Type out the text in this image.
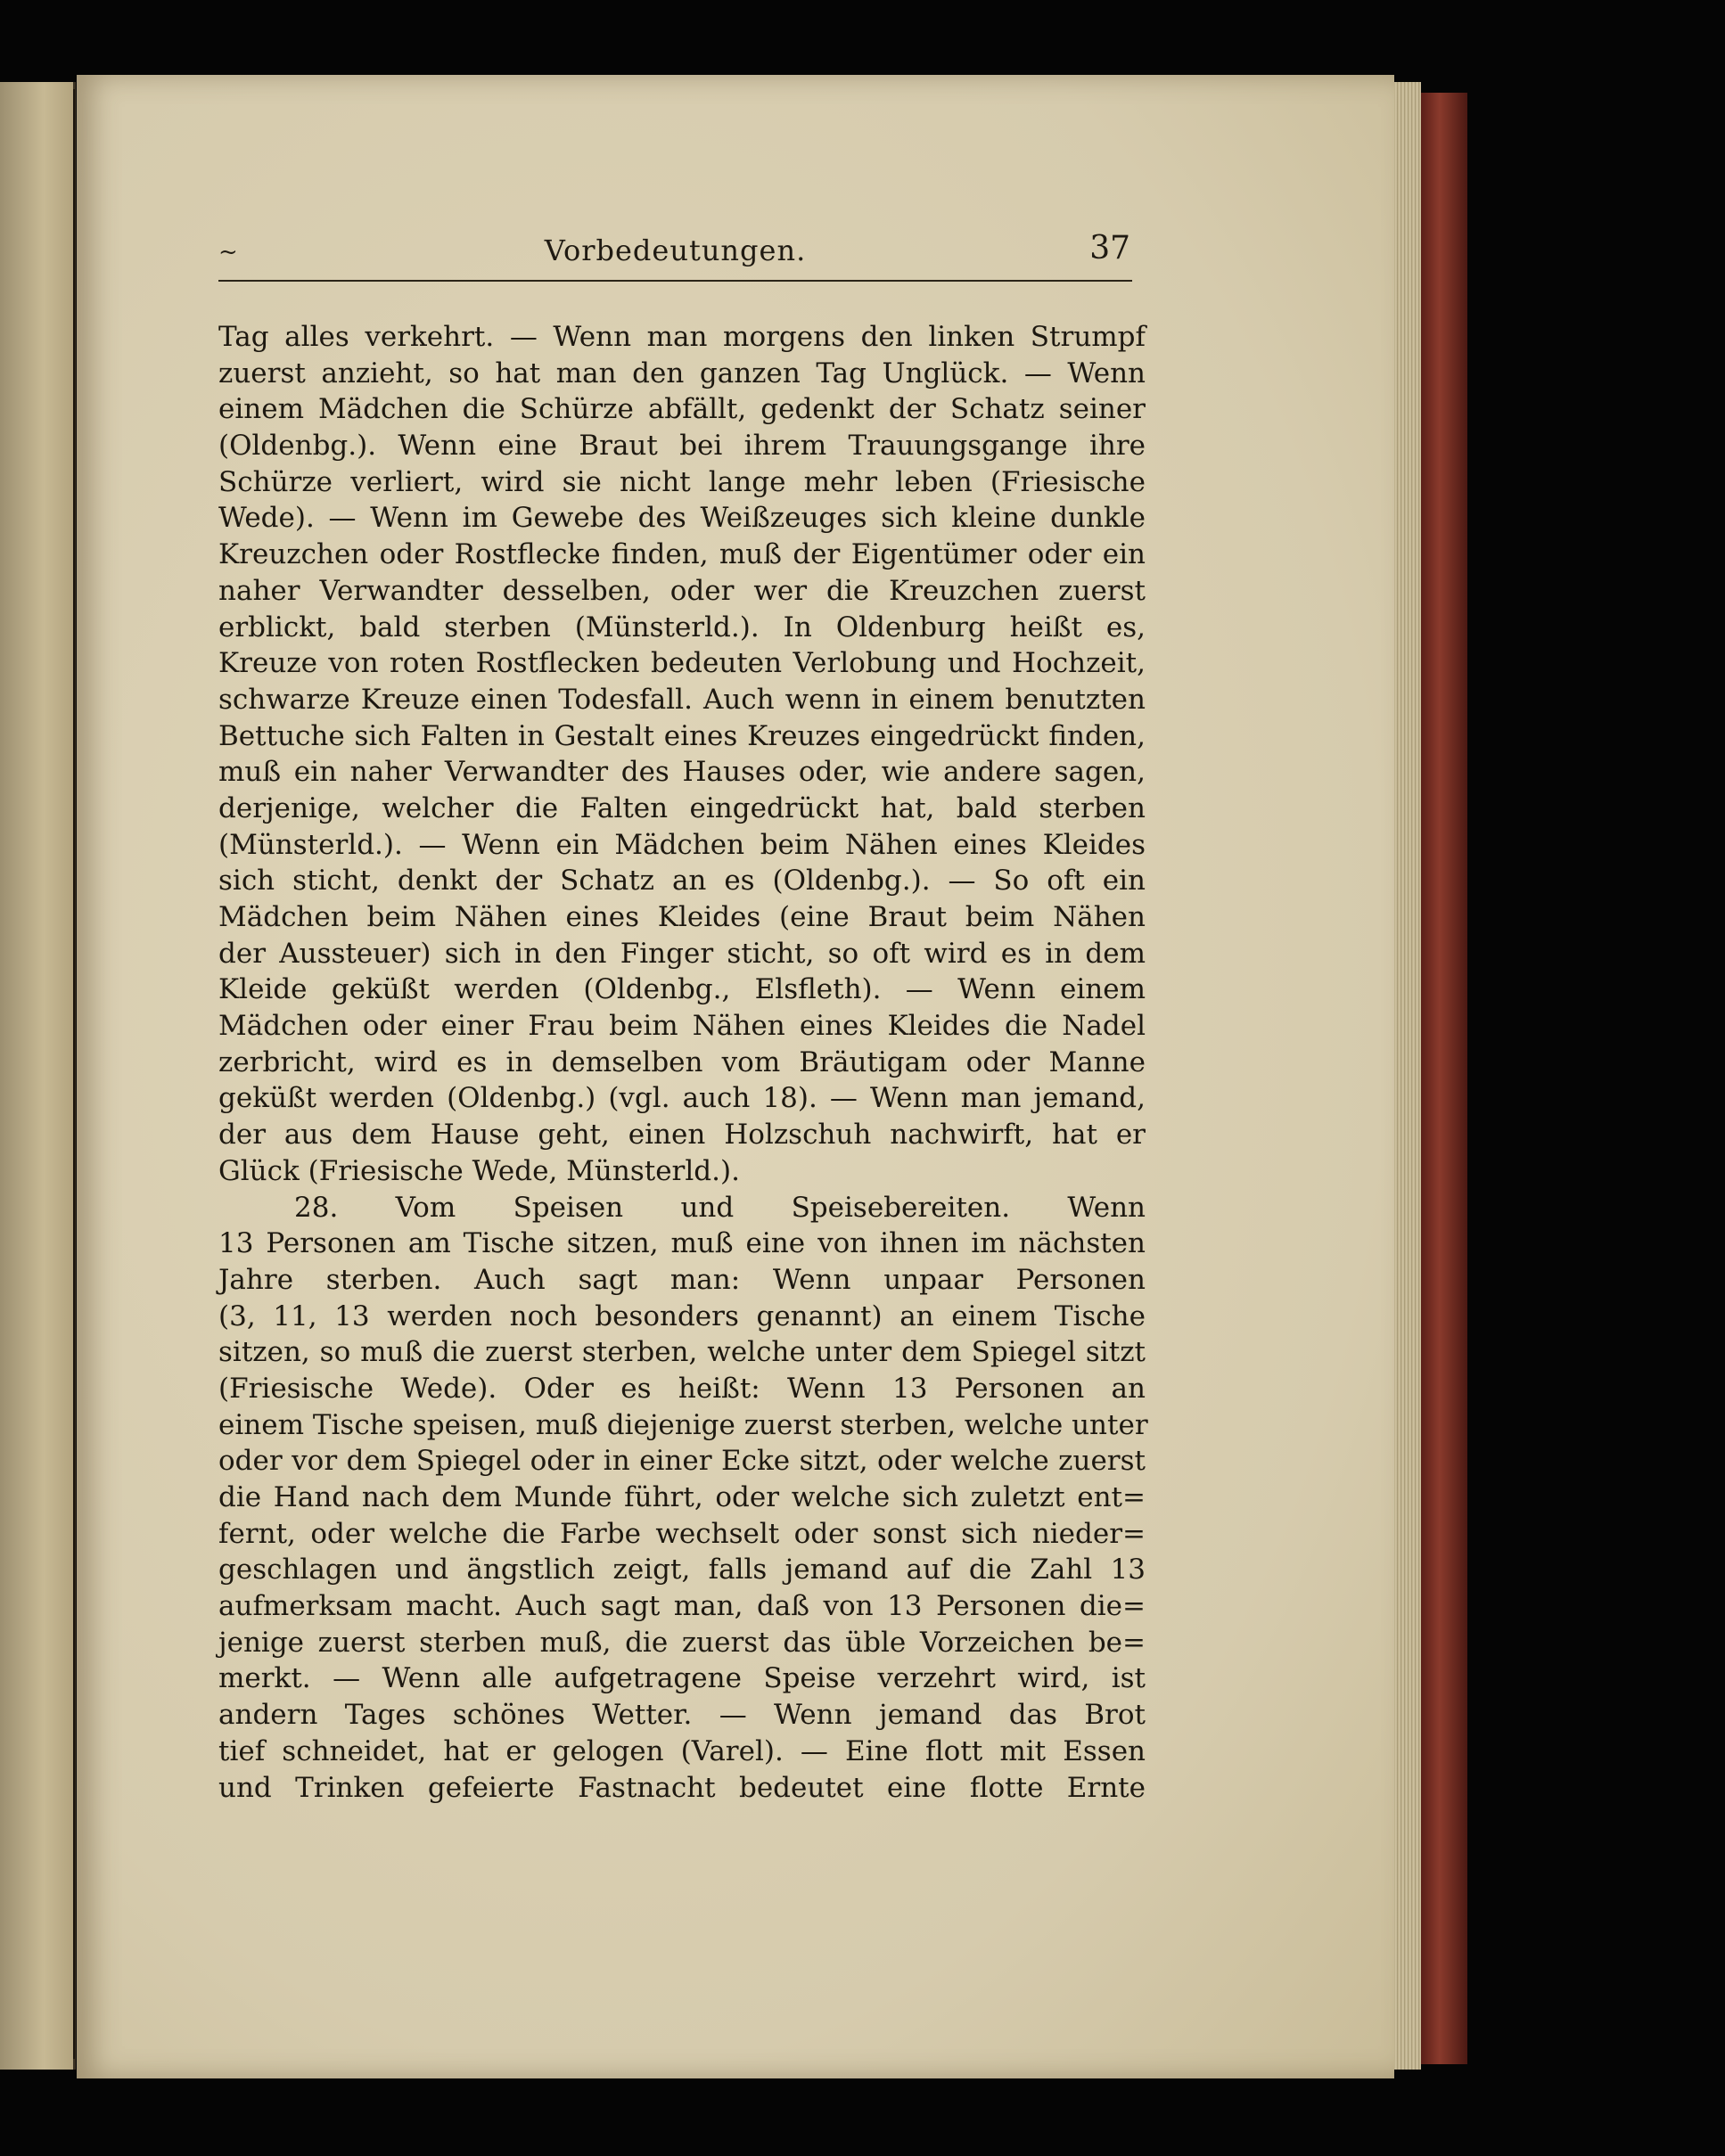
~	Vorbedeutungen.	37
Tag alles verkehrt. — Wenn man morgens den linken Strumpf
zuerst anzieht, so hat man den ganzen Tag Unglück. — Wenn
einem Mädchen die Schürze abfällt, gedenkt der Schatz seiner
(Oldenbg.). Wenn eine Braut bei ihrem Trauungsgange ihre
Schürze verliert, wird sie nicht lange mehr leben (Friesische
Wede). — Wenn im Gewebe des Weißzeuges sich kleine dunkle
Kreuzchen oder Rostflecke finden, muß der Eigentümer oder ein
naher Verwandter desselben, oder wer die Kreuzchen zuerst
erblickt, bald sterben (Münsterld.). In Oldenburg heißt es,
Kreuze von roten Rostflecken bedeuten Verlobung und Hochzeit,
schwarze Kreuze einen Todesfall. Auch wenn in einem benutzten
Bettuche sich Falten in Gestalt eines Kreuzes eingedrückt finden,
muß ein naher Verwandter des Hauses oder, wie andere sagen,
derjenige, welcher die Falten eingedrückt hat, bald sterben
(Münsterld.). — Wenn ein Mädchen beim Nähen eines Kleides
sich sticht, denkt der Schatz an es (Oldenbg.). — So oft ein
Mädchen beim Nähen eines Kleides (eine Braut beim Nähen
der Aussteuer) sich in den Finger sticht, so oft wird es in dem
Kleide geküßt werden (Oldenbg., Elsfleth). — Wenn einem
Mädchen oder einer Frau beim Nähen eines Kleides die Nadel
zerbricht, wird es in demselben vom Bräutigam oder Manne
geküßt werden (Oldenbg.) (vgl. auch 18). — Wenn man jemand,
der aus dem Hause geht, einen Holzschuh nachwirft, hat er
Glück (Friesische Wede, Münsterld.).
28. Vom Speisen und Speisebereiten. Wenn
13 Personen am Tische sitzen, muß eine von ihnen im nächsten
Jahre sterben. Auch sagt man: Wenn unpaar Personen
(3, 11, 13 werden noch besonders genannt) an einem Tische
sitzen, so muß die zuerst sterben, welche unter dem Spiegel sitzt
(Friesische Wede). Oder es heißt: Wenn 13 Personen an
einem Tische speisen, muß diejenige zuerst sterben, welche unter
oder vor dem Spiegel oder in einer Ecke sitzt, oder welche zuerst
die Hand nach dem Munde führt, oder welche sich zuletzt ent=
fernt, oder welche die Farbe wechselt oder sonst sich nieder=
geschlagen und ängstlich zeigt, falls jemand auf die Zahl 13
aufmerksam macht. Auch sagt man, daß von 13 Personen die=
jenige zuerst sterben muß, die zuerst das üble Vorzeichen be=
merkt. — Wenn alle aufgetragene Speise verzehrt wird, ist
andern Tages schönes Wetter. — Wenn jemand das Brot
tief schneidet, hat er gelogen (Varel). — Eine flott mit Essen
und Trinken gefeierte Fastnacht bedeutet eine flotte Ernte
